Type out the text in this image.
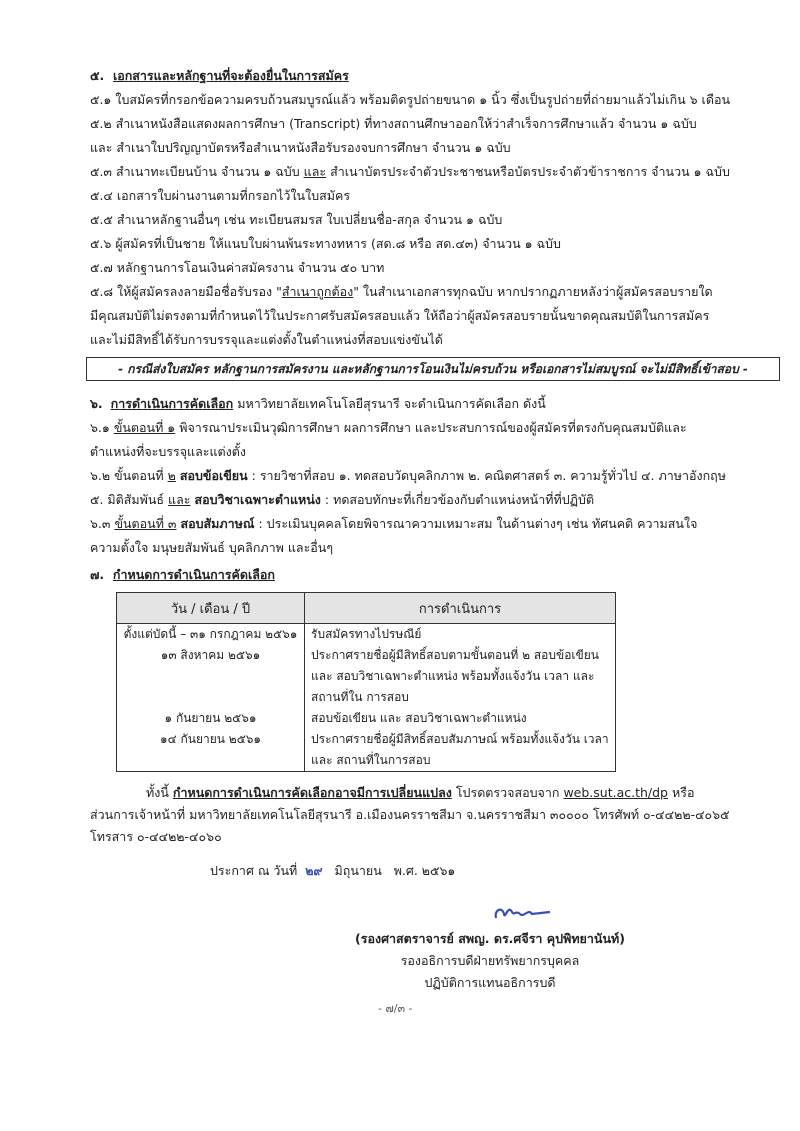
๕. เอกสารและหลักฐานที่จะต้องยื่นในการสมัคร
๕.๑ ใบสมัครที่กรอกข้อความครบถ้วนสมบูรณ์แล้ว พร้อมติดรูปถ่ายขนาด ๑ นิ้ว ซึ่งเป็นรูปถ่ายที่ถ่ายมาแล้วไม่เกิน ๖ เดือน
๕.๒ สำเนาหนังสือแสดงผลการศึกษา (Transcript) ที่ทางสถานศึกษาออกให้ว่าสำเร็จการศึกษาแล้ว จำนวน ๑ ฉบับ
และ สำเนาใบปริญญาบัตรหรือสำเนาหนังสือรับรองจบการศึกษา จำนวน ๑ ฉบับ
๕.๓ สำเนาทะเบียนบ้าน จำนวน ๑ ฉบับ และ สำเนาบัตรประจำตัวประชาชนหรือบัตรประจำตัวข้าราชการ จำนวน ๑ ฉบับ
๕.๔ เอกสารใบผ่านงานตามที่กรอกไว้ในใบสมัคร
๕.๕ สำเนาหลักฐานอื่นๆ เช่น ทะเบียนสมรส ใบเปลี่ยนชื่อ-สกุล จำนวน ๑ ฉบับ
๕.๖ ผู้สมัครที่เป็นชาย ให้แนบใบผ่านพ้นระทางทหาร (สด.๘ หรือ สด.๔๓) จำนวน ๑ ฉบับ
๕.๗ หลักฐานการโอนเงินค่าสมัครงาน จำนวน ๕๐ บาท
๕.๘ ให้ผู้สมัครลงลายมือชื่อรับรอง "สำเนาถูกต้อง" ในสำเนาเอกสารทุกฉบับ หากปรากฏภายหลังว่าผู้สมัครสอบรายใด
มีคุณสมบัติไม่ตรงตามที่กำหนดไว้ในประกาศรับสมัครสอบแล้ว ให้ถือว่าผู้สมัครสอบรายนั้นขาดคุณสมบัติในการสมัคร
และไม่มีสิทธิ์ได้รับการบรรจุและแต่งตั้งในตำแหน่งที่สอบแข่งขันได้
- กรณีส่งใบสมัคร หลักฐานการสมัครงาน และหลักฐานการโอนเงินไม่ครบถ้วน หรือเอกสารไม่สมบูรณ์ จะไม่มีสิทธิ์เข้าสอบ -
๖. การดำเนินการคัดเลือก มหาวิทยาลัยเทคโนโลยีสุรนารี จะดำเนินการคัดเลือก ดังนี้
๖.๑ ขั้นตอนที่ ๑ พิจารณาประเมินวุฒิการศึกษา ผลการศึกษา และประสบการณ์ของผู้สมัครที่ตรงกับคุณสมบัติและ
ตำแหน่งที่จะบรรจุและแต่งตั้ง
๖.๒ ขั้นตอนที่ ๒ สอบข้อเขียน : รายวิชาที่สอบ ๑. ทดสอบวัดบุคลิกภาพ ๒. คณิตศาสตร์ ๓. ความรู้ทั่วไป ๔. ภาษาอังกฤษ
๕. มิติสัมพันธ์ และ สอบวิชาเฉพาะตำแหน่ง : ทดสอบทักษะที่เกี่ยวข้องกับตำแหน่งหน้าที่ที่ปฏิบัติ
๖.๓ ขั้นตอนที่ ๓ สอบสัมภาษณ์ : ประเมินบุคคลโดยพิจารณาความเหมาะสม ในด้านต่างๆ เช่น ทัศนคติ ความสนใจ
ความตั้งใจ มนุษยสัมพันธ์ บุคลิกภาพ และอื่นๆ
๗. กำหนดการดำเนินการคัดเลือก
วัน / เดือน / ปี	การดำเนินการ
ตั้งแต่บัดนี้ – ๓๑ กรกฎาคม ๒๕๖๑	รับสมัครทางไปรษณีย์
๑๓ สิงหาคม ๒๕๖๑	ประกาศรายชื่อผู้มีสิทธิ์สอบตามขั้นตอนที่ ๒ สอบข้อเขียนและ สอบวิชาเฉพาะตำแหน่ง พร้อมทั้งแจ้งวัน เวลา และสถานที่ใน การสอบ
๑ กันยายน ๒๕๖๑	สอบข้อเขียน และ สอบวิชาเฉพาะตำแหน่ง
๑๔ กันยายน ๒๕๖๑	ประกาศรายชื่อผู้มีสิทธิ์สอบสัมภาษณ์ พร้อมทั้งแจ้งวัน เวลา และ สถานที่ในการสอบ
ทั้งนี้ กำหนดการดำเนินการคัดเลือกอาจมีการเปลี่ยนแปลง โปรดตรวจสอบจาก web.sut.ac.th/dp หรือ
ส่วนการเจ้าหน้าที่ มหาวิทยาลัยเทคโนโลยีสุรนารี อ.เมืองนครราชสีมา จ.นครราชสีมา ๓๐๐๐๐ โทรศัพท์ ๐-๔๔๒๒-๔๐๖๕
โทรสาร ๐-๔๔๒๒-๔๐๖๐
ประกาศ ณ วันที่ ๒๙ มิถุนายน พ.ศ. ๒๕๖๑
(รองศาสตราจารย์ สพญ. ดร.ศจีรา คุปพิทยานันท์)
รองอธิการบดีฝ่ายทรัพยากรบุคคล
ปฏิบัติการแทนอธิการบดี
- ๗/๓ -
